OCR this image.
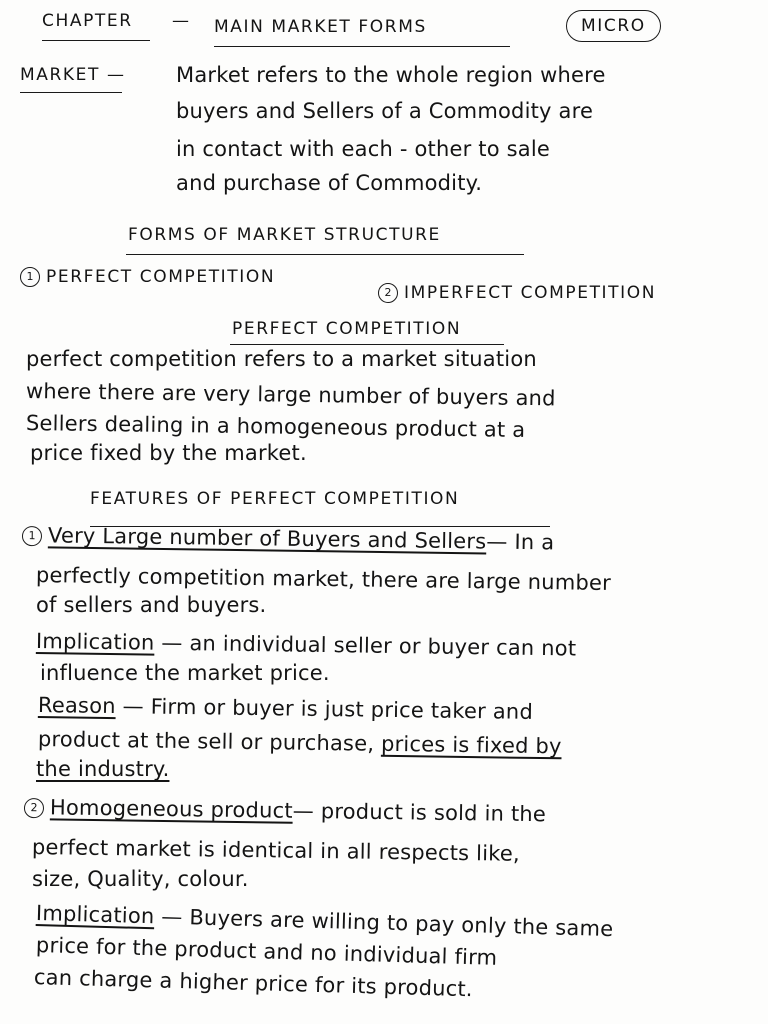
CHAPTER — MAIN MARKET FORMS	MICRO
MARKET — Market refers to the whole region where
buyers and Sellers of a Commodity are
in contact with each - other to sale
and purchase of Commodity.
FORMS OF MARKET STRUCTURE
1 PERFECT COMPETITION
2 IMPERFECT COMPETITION
PERFECT COMPETITION
perfect competition refers to a market situation
where there are very large number of buyers and
Sellers dealing in a homogeneous product at a
price fixed by the market.
FEATURES OF PERFECT COMPETITION
1 Very Large number of Buyers and Sellers— In a
perfectly competition market, there are large number
of sellers and buyers.
Implication — an individual seller or buyer can not
influence the market price.
Reason — Firm or buyer is just price taker and
product at the sell or purchase, prices is fixed by
the industry.
2 Homogeneous product— product is sold in the
perfect market is identical in all respects like,
size, Quality, colour.
Implication — Buyers are willing to pay only the same
price for the product and no individual firm
can charge a higher price for its product.
